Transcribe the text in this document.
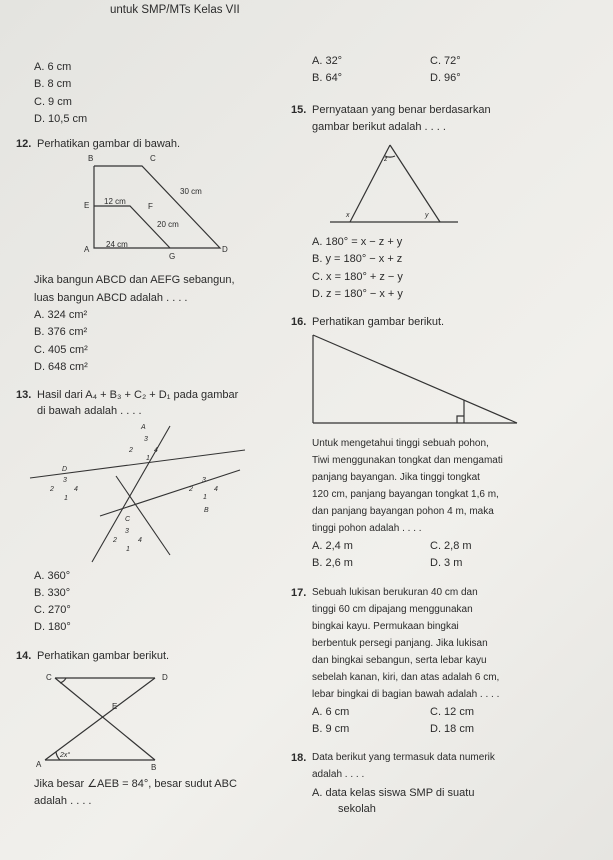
untuk SMP/MTs Kelas VII
A. 6 cm
B. 8 cm
C. 9 cm
D. 10,5 cm
A. 32°	C. 72°
B. 64°	D. 96°
12. Perhatikan gambar di bawah.
B	C
E	F
A
G
D
12 cm
30 cm
20 cm
24 cm
Jika bangun ABCD dan AEFG sebangun,
luas bangun ABCD adalah . . . .
A. 324 cm²
B. 376 cm²
C. 405 cm²
D. 648 cm²
13. Hasil dari A₄ + B₃ + C₂ + D₁ pada gambar
di bawah adalah . . . .
A
3
2	4
1
D
3
2	4
1
3
2	4
1
B
C
3
2	4
1
A. 360°
B. 330°
C. 270°
D. 180°
14. Perhatikan gambar berikut.
C	D
E
A	B
2x°
Jika besar ∠AEB = 84°, besar sudut ABC
adalah . . . .
15. Pernyataan yang benar berdasarkan
gambar berikut adalah . . . .
z
x	y
A. 180° = x − z + y
B. y = 180° − x + z
C. x = 180° + z − y
D. z = 180° − x + y
16. Perhatikan gambar berikut.
Untuk mengetahui tinggi sebuah pohon,
Tiwi menggunakan tongkat dan mengamati
panjang bayangan. Jika tinggi tongkat
120 cm, panjang bayangan tongkat 1,6 m,
dan panjang bayangan pohon 4 m, maka
tinggi pohon adalah . . . .
A. 2,4 m	C. 2,8 m
B. 2,6 m	D. 3 m
17. Sebuah lukisan berukuran 40 cm dan
tinggi 60 cm dipajang menggunakan
bingkai kayu. Permukaan bingkai
berbentuk persegi panjang. Jika lukisan
dan bingkai sebangun, serta lebar kayu
sebelah kanan, kiri, dan atas adalah 6 cm,
lebar bingkai di bagian bawah adalah . . . .
A. 6 cm	C. 12 cm
B. 9 cm	D. 18 cm
18. Data berikut yang termasuk data numerik
adalah . . . .
A. data kelas siswa SMP di suatu
sekolah
